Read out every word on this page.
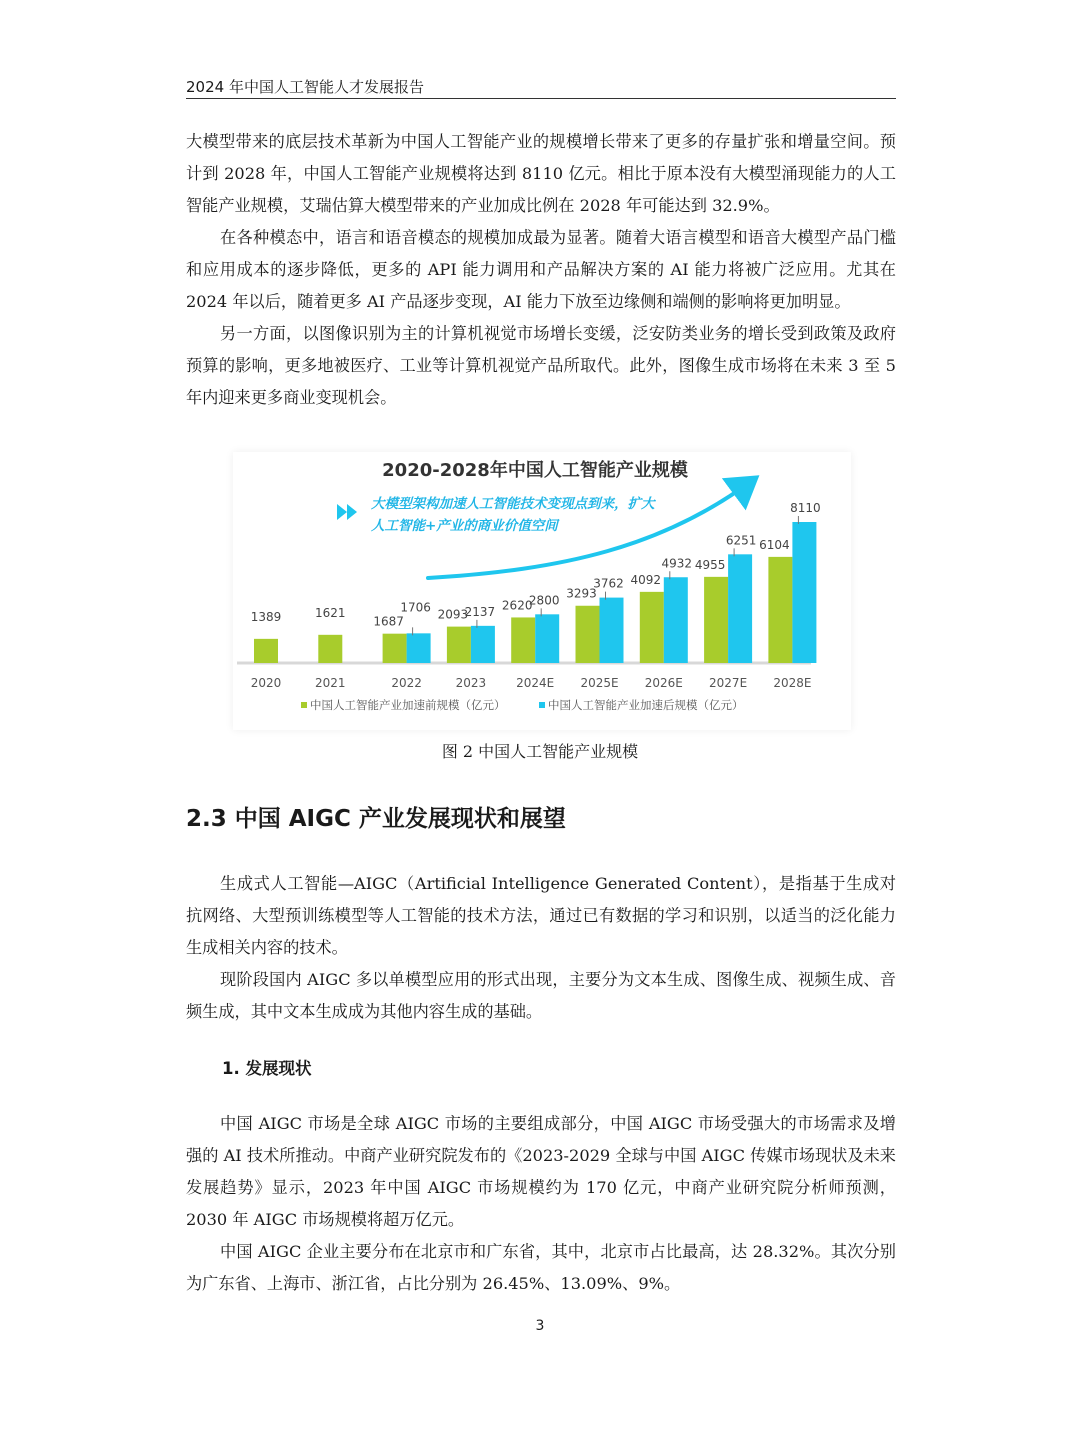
2024 年中国人工智能人才发展报告

大模型带来的底层技术革新为中国人工智能产业的规模增长带来了更多的存量扩张和增量空间。预计到 2028 年，中国人工智能产业规模将达到 8110 亿元。相比于原本没有大模型涌现能力的人工智能产业规模，艾瑞估算大模型带来的产业加成比例在 2028 年可能达到 32.9%。

在各种模态中，语言和语音模态的规模加成最为显著。随着大语言模型和语音大模型产品门槛和应用成本的逐步降低，更多的 API 能力调用和产品解决方案的 AI 能力将被广泛应用。尤其在 2024 年以后，随着更多 AI 产品逐步变现，AI 能力下放至边缘侧和端侧的影响将更加明显。

另一方面，以图像识别为主的计算机视觉市场增长变缓，泛安防类业务的增长受到政策及政府预算的影响，更多地被医疗、工业等计算机视觉产品所取代。此外，图像生成市场将在未来 3 至 5 年内迎来更多商业变现机会。

2020-2028年中国人工智能产业规模
大模型架构加速人工智能技术变现点到来，扩大
人工智能+产业的商业价值空间
1389
2020
1621
2021
1706
1687
2022
2137
2093
2023
2800
2620
2024E
3762
3293
2025E
4932
4092
2026E
6251
4955
2027E
8110
6104
2028E
中国人工智能产业加速前规模（亿元）	中国人工智能产业加速后规模（亿元）
图 2 中国人工智能产业规模
2.3 中国 AIGC 产业发展现状和展望

生成式人工智能—AIGC（Artificial Intelligence Generated Content），是指基于生成对抗网络、大型预训练模型等人工智能的技术方法，通过已有数据的学习和识别，以适当的泛化能力生成相关内容的技术。

现阶段国内 AIGC 多以单模型应用的形式出现，主要分为文本生成、图像生成、视频生成、音频生成，其中文本生成成为其他内容生成的基础。

1. 发展现状

中国 AIGC 市场是全球 AIGC 市场的主要组成部分，中国 AIGC 市场受强大的市场需求及增强的 AI 技术所推动。中商产业研究院发布的《2023-2029 全球与中国 AIGC 传媒市场现状及未来发展趋势》显示，2023 年中国 AIGC 市场规模约为 170 亿元，中商产业研究院分析师预测，2030 年 AIGC 市场规模将超万亿元。

中国 AIGC 企业主要分布在北京市和广东省，其中，北京市占比最高，达 28.32%。其次分别为广东省、上海市、浙江省，占比分别为 26.45%、13.09%、9%。

3
